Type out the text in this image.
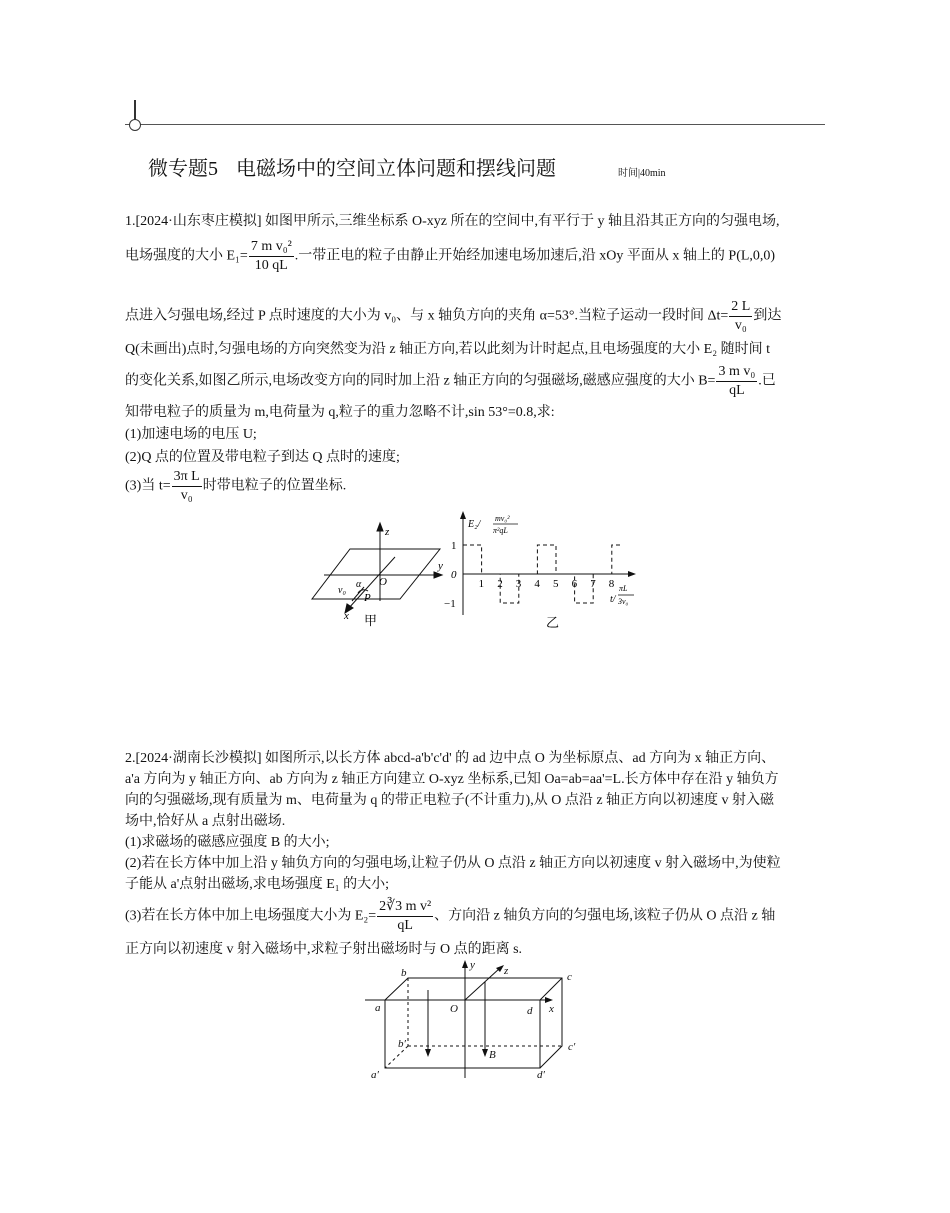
微专题5 电磁场中的空间立体问题和摆线问题	时间|40min
1.[2024·山东枣庄模拟] 如图甲所示,三维坐标系 O-xyz 所在的空间中,有平行于 y 轴且沿其正方向的匀强电场,
电场强度的大小 $E_1= \frac{\text{7 m v₀²}}{10 qL}$ .一带正电的粒子由静止开始经加速电场加速后,沿 xOy 平面从 x 轴上的 P(L,0,0)
点进入匀强电场,经过 P 点时速度的大小为 v₀、与 x 轴负方向的夹角 α=53°.当粒子运动一段时间 $\Delta t= \frac{2 L}{\text{v₀}}$ 到达
Q(未画出)点时,匀强电场的方向突然变为沿 z 轴正方向,若以此刻为计时起点,且电场强度的大小 E₂ 随时间 t
的变化关系,如图乙所示,电场改变方向的同时加上沿 z 轴正方向的匀强磁场,磁感应强度的大小 $B= \frac{\text{3 m v₀}}{qL}$ .已
知带电粒子的质量为 m,电荷量为 q,粒子的重力忽略不计,sin 53°=0.8,求:
(1)加速电场的电压 U;
(2)Q 点的位置及带电粒子到达 Q 点时的速度;
(3)当 $t= \frac{\text{3π L}}{\text{v₀}}$ 时带电粒子的位置坐标.
z
y
x
O
P
v₀
α
甲
1 2 3 4 5 6 7 8
1
0
−1
E₂/
mv₀²
π²qL
t/
πL
3v₀
乙
2.[2024·湖南长沙模拟] 如图所示,以长方体 abcd-a'b'c'd' 的 ad 边中点 O 为坐标原点、ad 方向为 x 轴正方向、
a'a 方向为 y 轴正方向、ab 方向为 z 轴正方向建立 O-xyz 坐标系,已知 Oa=ab=aa'=L.长方体中存在沿 y 轴负方
向的匀强磁场,现有质量为 m、电荷量为 q 的带正电粒子(不计重力),从 O 点沿 z 轴正方向以初速度 v 射入磁
场中,恰好从 a 点射出磁场.
(1)求磁场的磁感应强度 B 的大小;
(2)若在长方体中加上沿 y 轴负方向的匀强电场,让粒子仍从 O 点沿 z 轴正方向以初速度 v 射入磁场中,为使粒
子能从 a'点射出磁场,求电场强度 E₁ 的大小;
(3)若在长方体中加上电场强度大小为 $E_2= \frac{\text{2∛3 m v²}}{qL}$ 、方向沿 z 轴负方向的匀强电场,该粒子仍从 O 点沿 z 轴
正方向以初速度 v 射入磁场中,求粒子射出磁场时与 O 点的距离 s.
a
b	c
d
a′
b′	c′
d′
O	x
y	z
B
